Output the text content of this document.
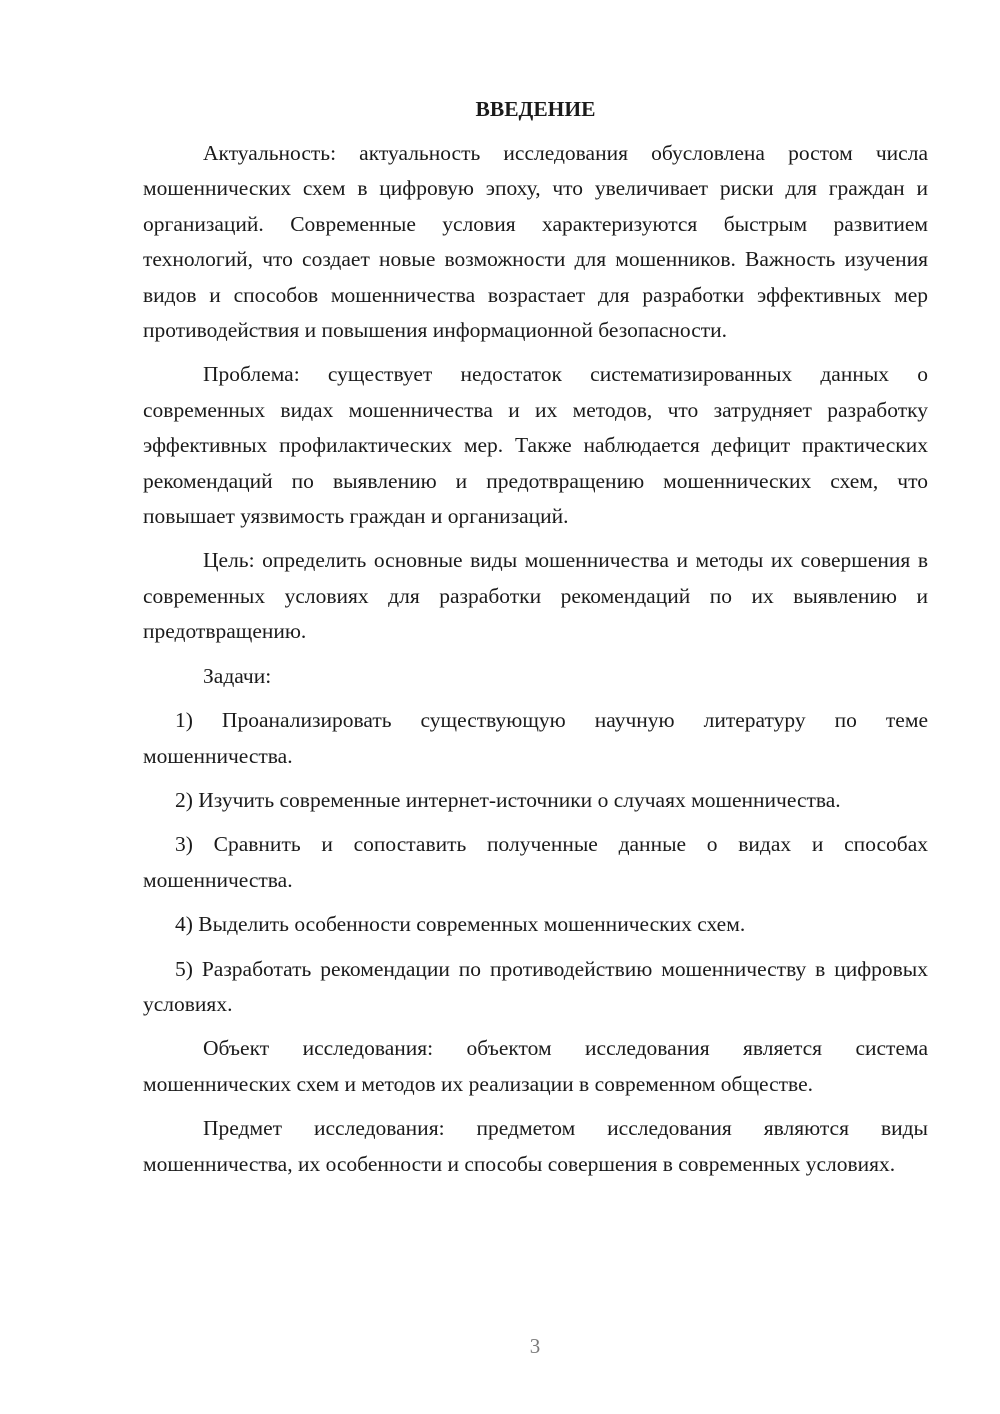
ВВЕДЕНИЕ

Актуальность: актуальность исследования обусловлена ростом числа мошеннических схем в цифровую эпоху, что увеличивает риски для граждан и организаций. Современные условия характеризуются быстрым развитием технологий, что создает новые возможности для мошенников. Важность изучения видов и способов мошенничества возрастает для разработки эффективных мер противодействия и повышения информационной безопасности.

Проблема: существует недостаток систематизированных данных о современных видах мошенничества и их методов, что затрудняет разработку эффективных профилактических мер. Также наблюдается дефицит практических рекомендаций по выявлению и предотвращению мошеннических схем, что повышает уязвимость граждан и организаций.

Цель: определить основные виды мошенничества и методы их совершения в современных условиях для разработки рекомендаций по их выявлению и предотвращению.

Задачи:

1) Проанализировать существующую научную литературу по теме мошенничества.

2) Изучить современные интернет-источники о случаях мошенничества.

3) Сравнить и сопоставить полученные данные о видах и способах мошенничества.

4) Выделить особенности современных мошеннических схем.

5) Разработать рекомендации по противодействию мошенничеству в цифровых условиях.

Объект исследования: объектом исследования является система мошеннических схем и методов их реализации в современном обществе.

Предмет исследования: предметом исследования являются виды мошенничества, их особенности и способы совершения в современных условиях.

3
